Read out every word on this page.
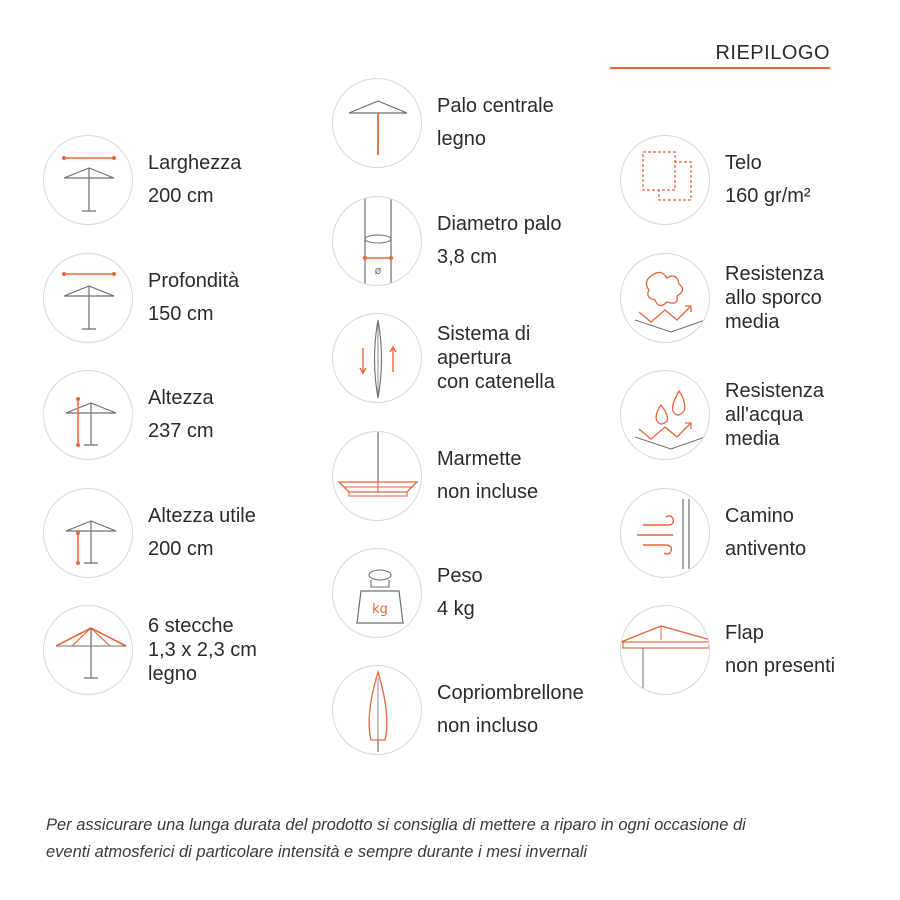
RIEPILOGO
Larghezza
200 cm
Profondità
150 cm
Altezza
237 cm
Altezza utile
200 cm
6 stecche
1,3 x 2,3 cm
legno
Palo centrale
legno
ø
Diametro palo
3,8 cm
Sistema di
apertura
con catenella
Marmette
non incluse
kg
Peso
4 kg
Copriombrellone
non incluso
Telo
160 gr/m²
Resistenza
allo sporco
media
Resistenza
all'acqua
media
Camino
antivento
Flap
non presenti
Per assicurare una lunga durata del prodotto si consiglia di mettere a riparo in ogni occasione di
eventi atmosferici di particolare intensità e sempre durante i mesi invernali
